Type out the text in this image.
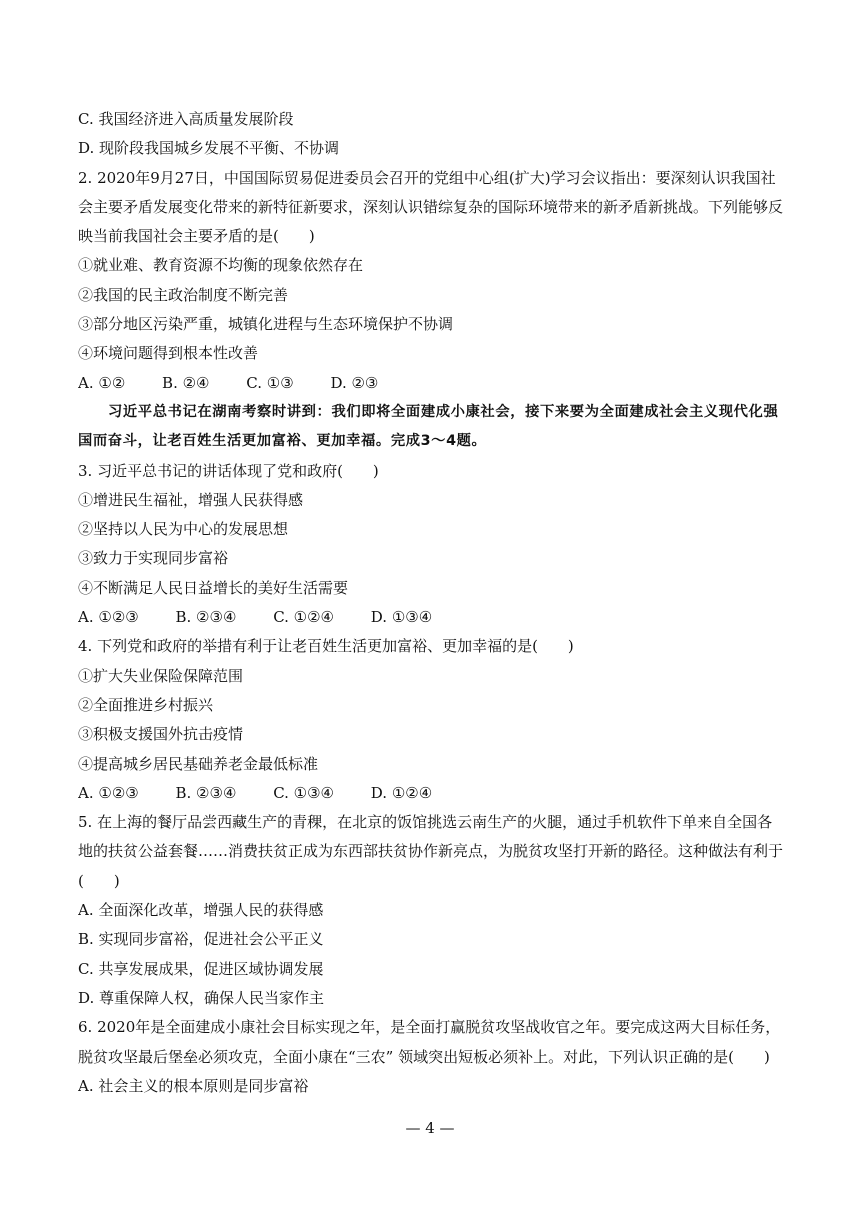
C. 我国经济进入高质量发展阶段
D. 现阶段我国城乡发展不平衡、不协调
2. 2020年9月27日，中国国际贸易促进委员会召开的党组中心组(扩大)学习会议指出：要深刻认识我国社会主要矛盾发展变化带来的新特征新要求，深刻认识错综复杂的国际环境带来的新矛盾新挑战。下列能够反映当前我国社会主要矛盾的是(　　)
①就业难、教育资源不均衡的现象依然存在
②我国的民主政治制度不断完善
③部分地区污染严重，城镇化进程与生态环境保护不协调
④环境问题得到根本性改善
A. ①② B. ②④ C. ①③ D. ②③
习近平总书记在湖南考察时讲到：我们即将全面建成小康社会，接下来要为全面建成社会主义现代化强国而奋斗，让老百姓生活更加富裕、更加幸福。完成3～4题。
3. 习近平总书记的讲话体现了党和政府(　　)
①增进民生福祉，增强人民获得感
②坚持以人民为中心的发展思想
③致力于实现同步富裕
④不断满足人民日益增长的美好生活需要
A. ①②③ B. ②③④ C. ①②④ D. ①③④
4. 下列党和政府的举措有利于让老百姓生活更加富裕、更加幸福的是(　　)
①扩大失业保险保障范围
②全面推进乡村振兴
③积极支援国外抗击疫情
④提高城乡居民基础养老金最低标准
A. ①②③ B. ②③④ C. ①③④ D. ①②④
5. 在上海的餐厅品尝西藏生产的青稞，在北京的饭馆挑选云南生产的火腿，通过手机软件下单来自全国各地的扶贫公益套餐……消费扶贫正成为东西部扶贫协作新亮点，为脱贫攻坚打开新的路径。这种做法有利于(　　)
A. 全面深化改革，增强人民的获得感
B. 实现同步富裕，促进社会公平正义
C. 共享发展成果，促进区域协调发展
D. 尊重保障人权，确保人民当家作主
6. 2020年是全面建成小康社会目标实现之年，是全面打赢脱贫攻坚战收官之年。要完成这两大目标任务，脱贫攻坚最后堡垒必须攻克，全面小康在“三农” 领域突出短板必须补上。对此，下列认识正确的是(　　)
A. 社会主义的根本原则是同步富裕
— 4 —
